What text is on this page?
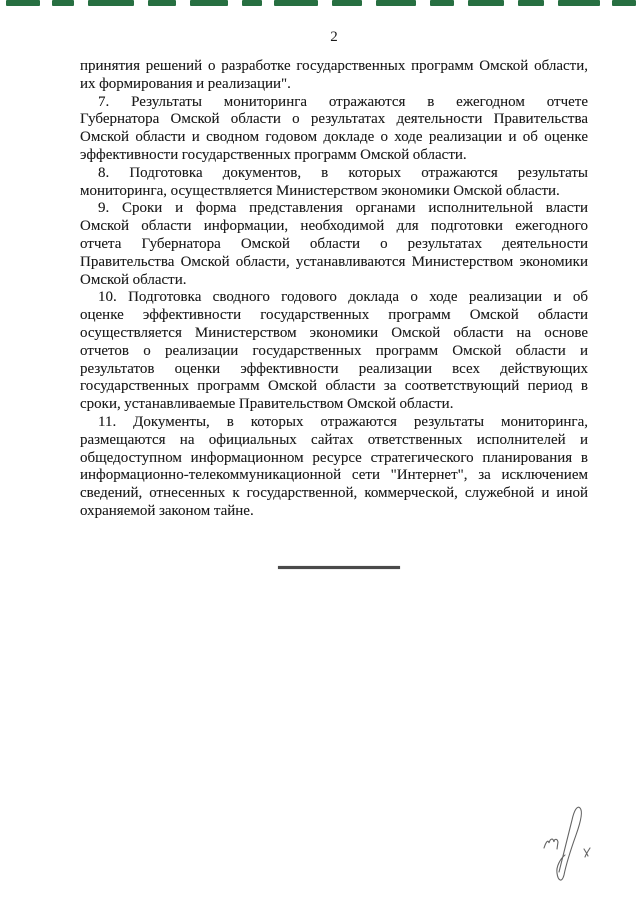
2
принятия решений о разработке государственных программ Омской области,
их формирования и реализации".
7. Результаты мониторинга отражаются в ежегодном отчете
Губернатора Омской области о результатах деятельности Правительства
Омской области и сводном годовом докладе о ходе реализации и об оценке
эффективности государственных программ Омской области.
8. Подготовка документов, в которых отражаются результаты
мониторинга, осуществляется Министерством экономики Омской области.
9. Сроки и форма представления органами исполнительной власти
Омской области информации, необходимой для подготовки ежегодного
отчета Губернатора Омской области о результатах деятельности
Правительства Омской области, устанавливаются Министерством экономики
Омской области.
10. Подготовка сводного годового доклада о ходе реализации и об
оценке эффективности государственных программ Омской области
осуществляется Министерством экономики Омской области на основе
отчетов о реализации государственных программ Омской области и
результатов оценки эффективности реализации всех действующих
государственных программ Омской области за соответствующий период в
сроки, устанавливаемые Правительством Омской области.
11. Документы, в которых отражаются результаты мониторинга,
размещаются на официальных сайтах ответственных исполнителей и
общедоступном информационном ресурсе стратегического планирования в
информационно-телекоммуникационной сети "Интернет", за исключением
сведений, отнесенных к государственной, коммерческой, служебной и иной
охраняемой законом тайне.
